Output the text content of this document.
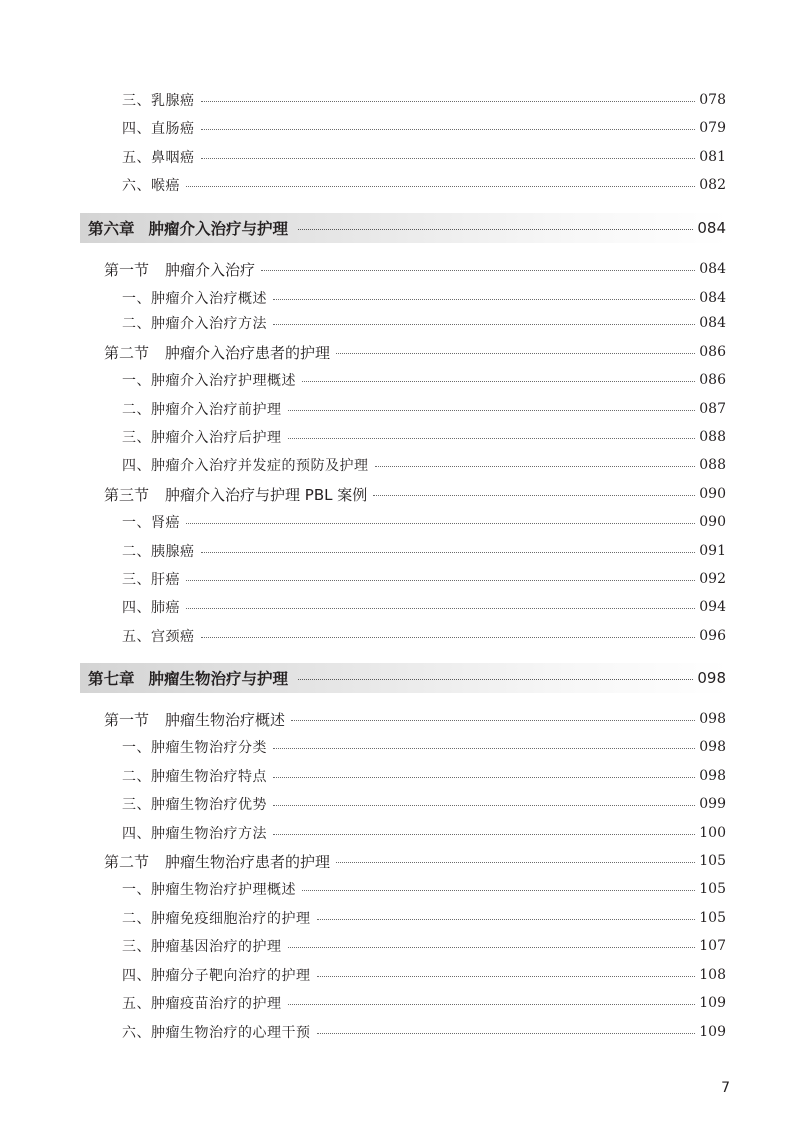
三、乳腺癌	078
四、直肠癌	079
五、鼻咽癌	081
六、喉癌	082
第六章 肿瘤介入治疗与护理	084
第一节 肿瘤介入治疗	084
一、肿瘤介入治疗概述	084
二、肿瘤介入治疗方法	084
第二节 肿瘤介入治疗患者的护理	086
一、肿瘤介入治疗护理概述	086
二、肿瘤介入治疗前护理	087
三、肿瘤介入治疗后护理	088
四、肿瘤介入治疗并发症的预防及护理	088
第三节 肿瘤介入治疗与护理 PBL 案例	090
一、肾癌	090
二、胰腺癌	091
三、肝癌	092
四、肺癌	094
五、宫颈癌	096
第七章 肿瘤生物治疗与护理	098
第一节 肿瘤生物治疗概述	098
一、肿瘤生物治疗分类	098
二、肿瘤生物治疗特点	098
三、肿瘤生物治疗优势	099
四、肿瘤生物治疗方法	100
第二节 肿瘤生物治疗患者的护理	105
一、肿瘤生物治疗护理概述	105
二、肿瘤免疫细胞治疗的护理	105
三、肿瘤基因治疗的护理	107
四、肿瘤分子靶向治疗的护理	108
五、肿瘤疫苗治疗的护理	109
六、肿瘤生物治疗的心理干预	109
7
